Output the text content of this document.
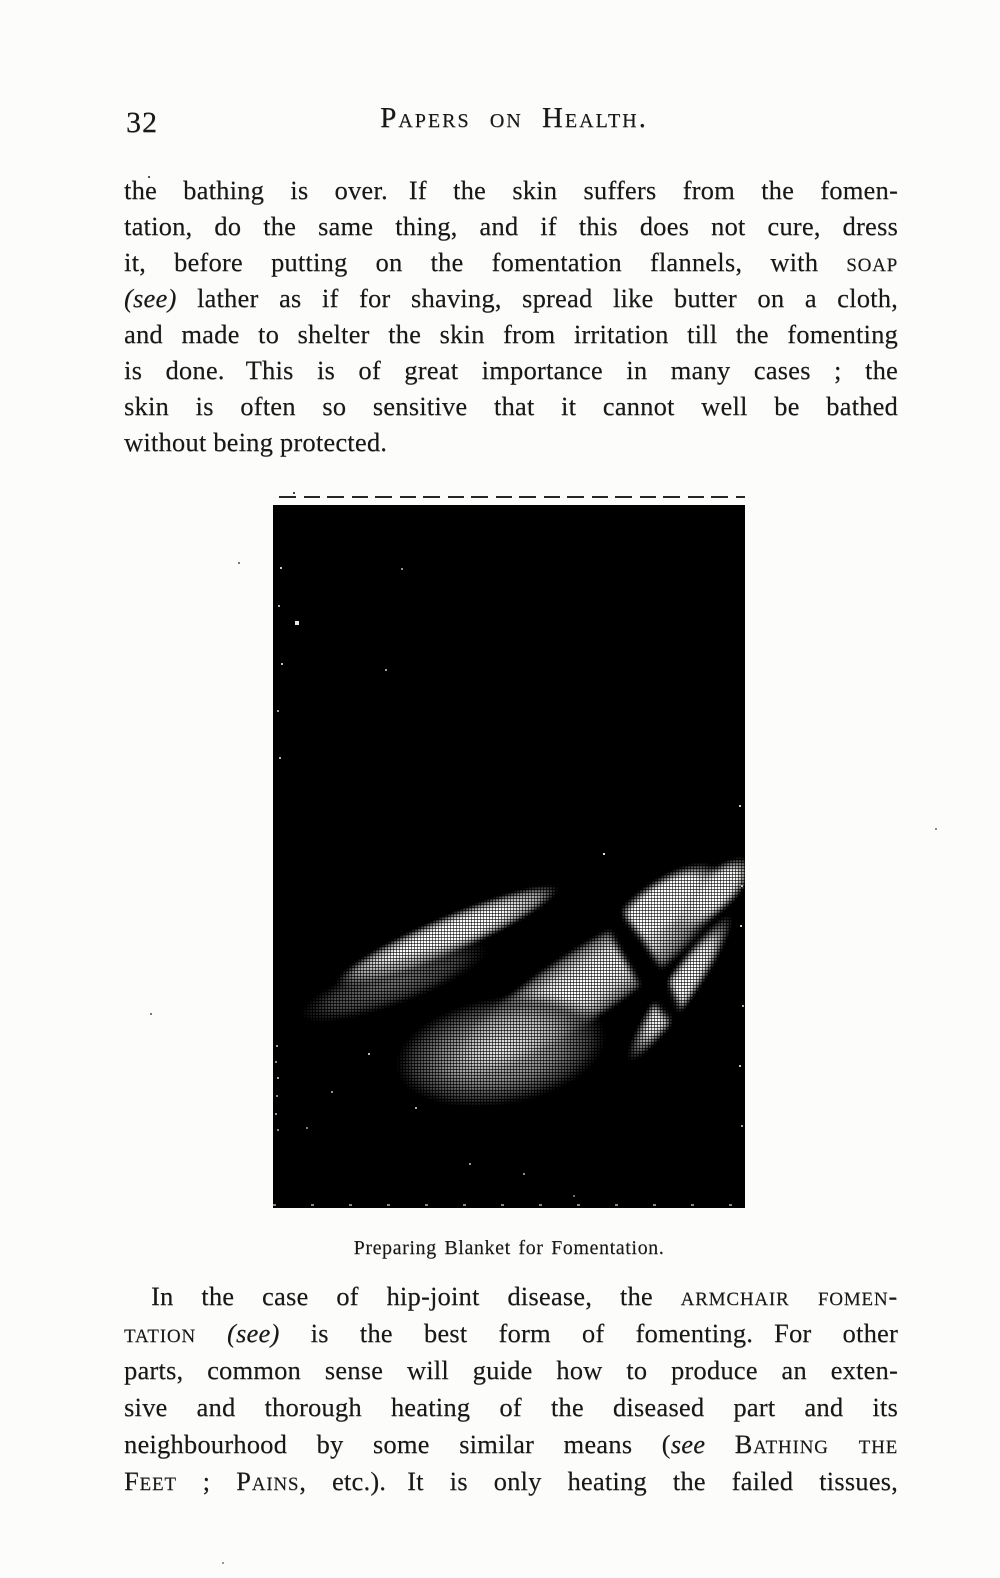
32	Papers on Health.
the bathing is over. If the skin suffers from the fomen-
tation, do the same thing, and if this does not cure, dress
it, before putting on the fomentation flannels, with soap
(see) lather as if for shaving, spread like butter on a cloth,
and made to shelter the skin from irritation till the fomenting
is done. This is of great importance in many cases ; the
skin is often so sensitive that it cannot well be bathed
without being protected.
Preparing Blanket for Fomentation.
In the case of hip-joint disease, the armchair fomen-
tation (see) is the best form of fomenting. For other
parts, common sense will guide how to produce an exten-
sive and thorough heating of the diseased part and its
neighbourhood by some similar means (see Bathing the
Feet ; Pains, etc.). It is only heating the failed tissues,
